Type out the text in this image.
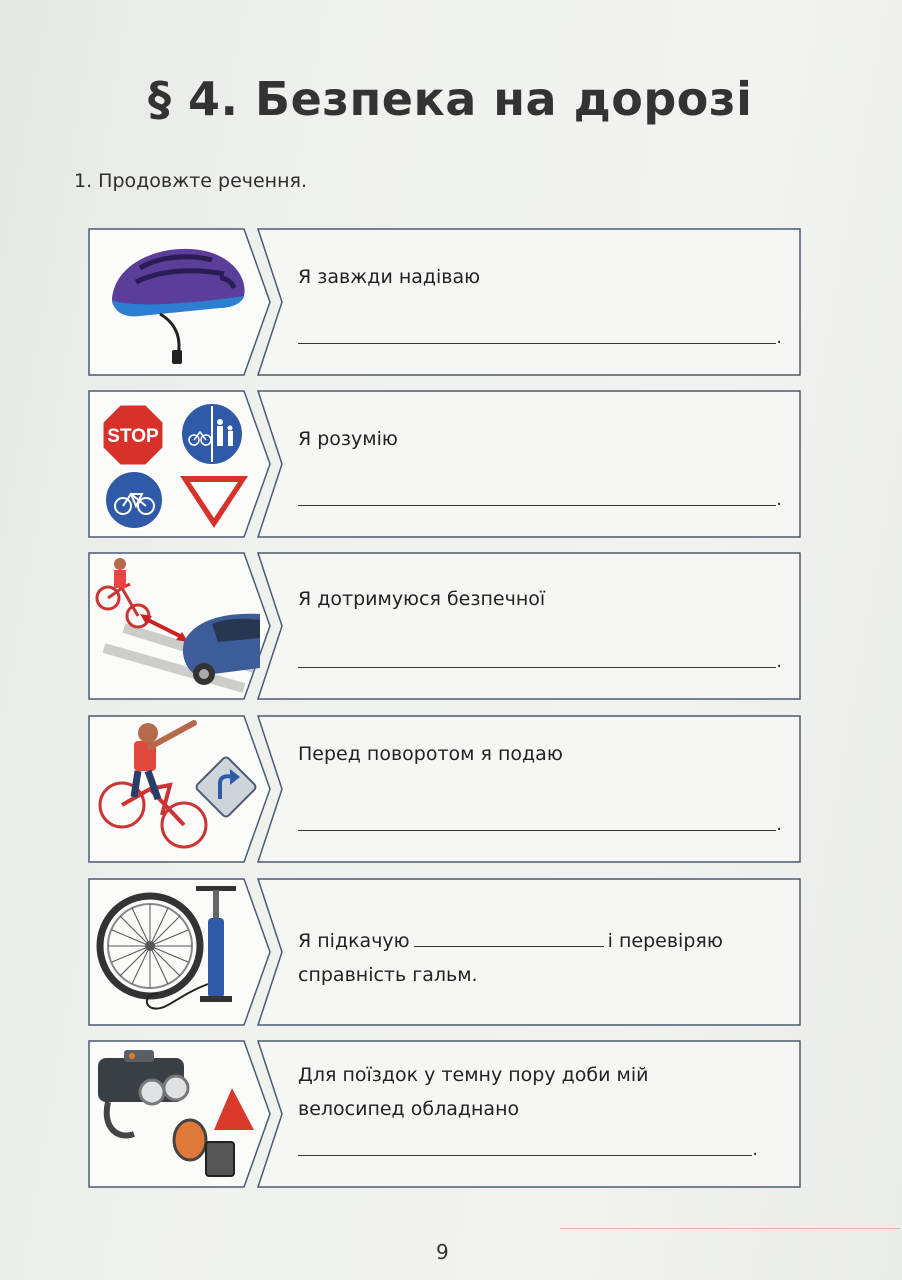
§ 4. Безпека на дорозі
1. Продовжте речення.
Я завжди надіваю
.
STOP	Я розумію
.
Я дотримуюся безпечної
.
Перед поворотом я подаю
.
Я підкачую	і перевіряю
справність гальм.
Для поїздок у темну пору доби мій
велосипед обладнано
.
9
